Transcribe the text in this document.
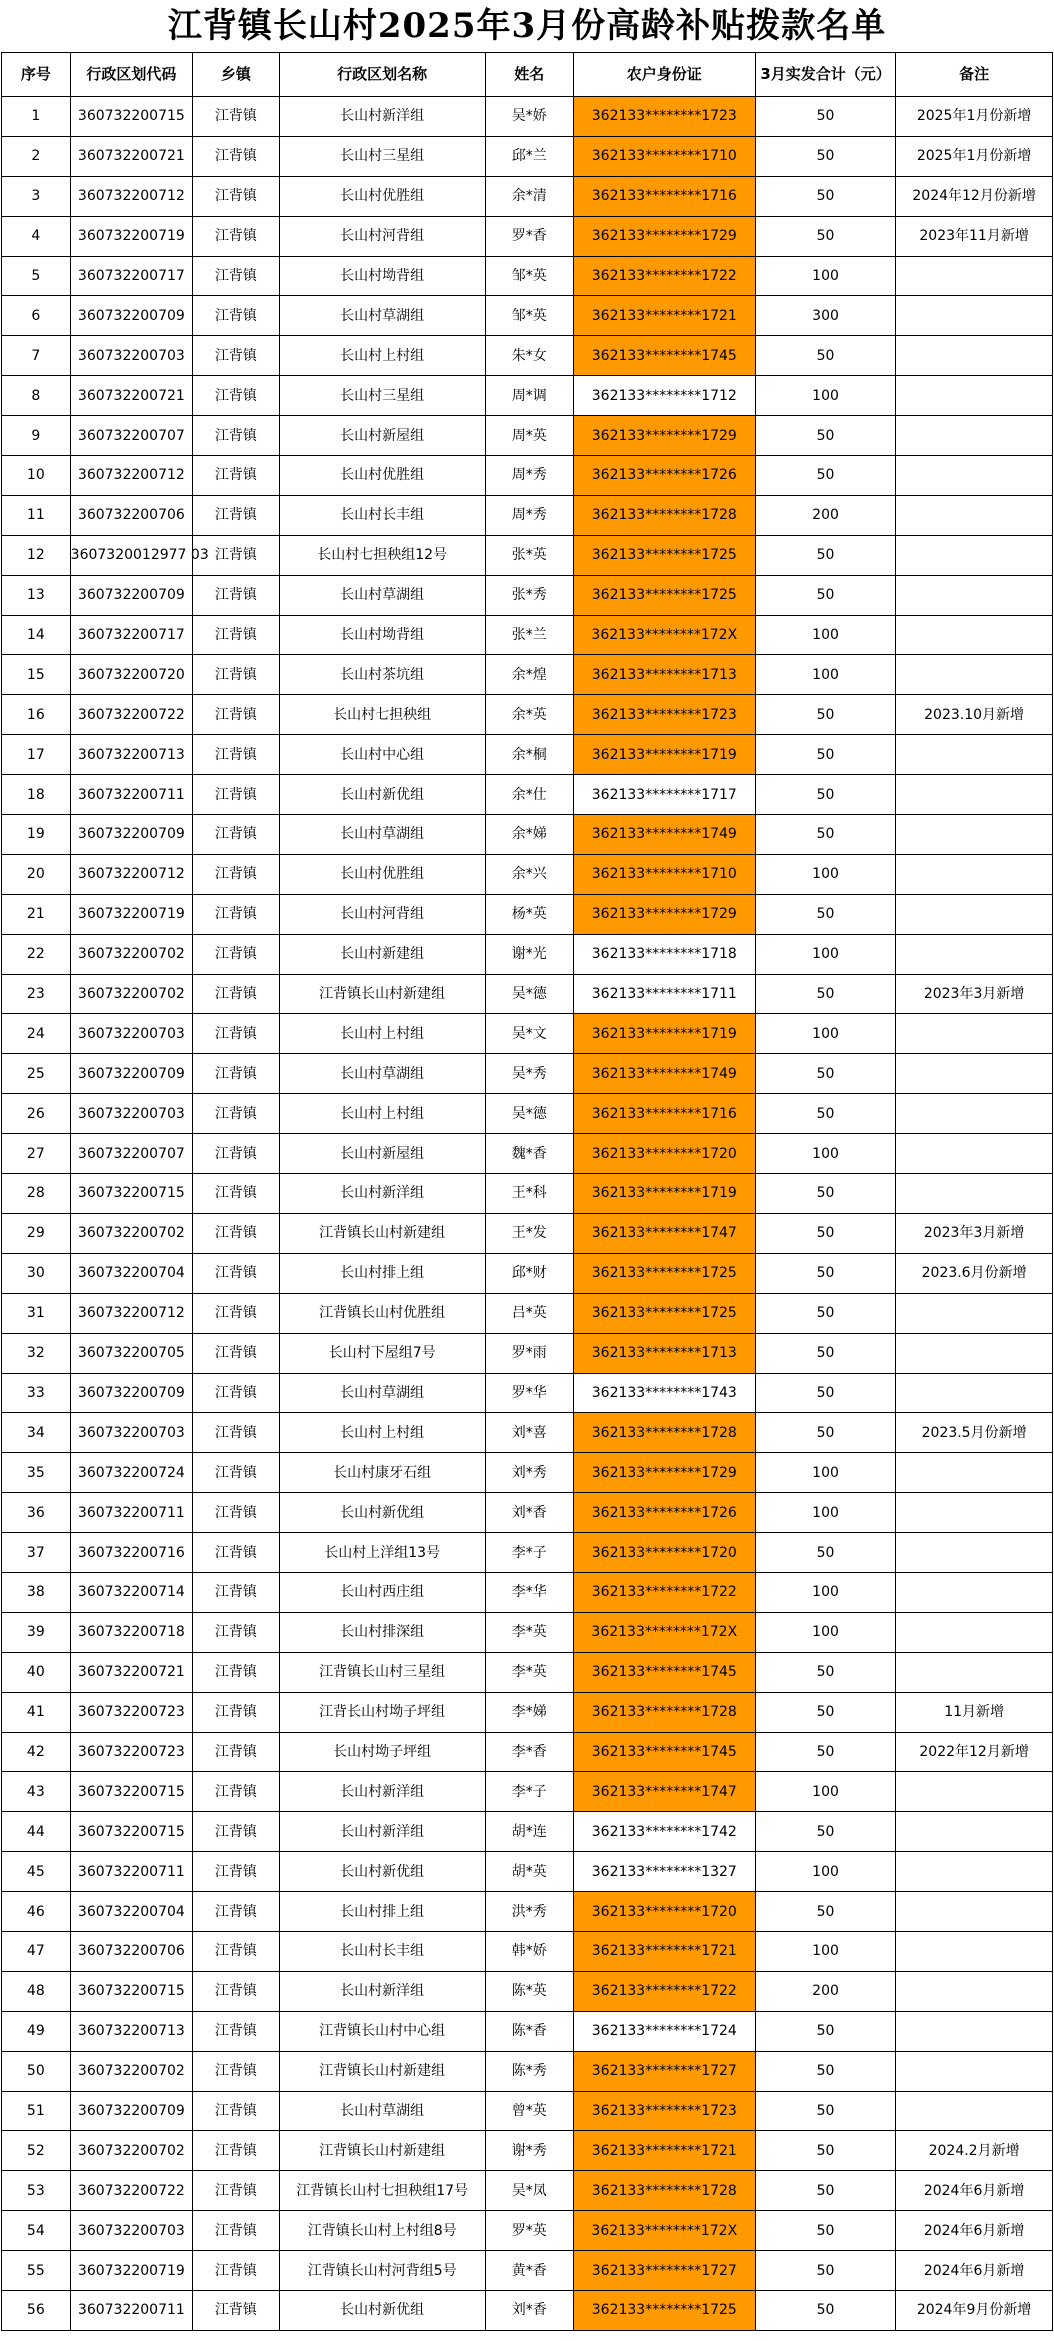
江背镇长山村2025年3月份高龄补贴拨款名单
序号	行政区划代码	乡镇	行政区划名称	姓名	农户身份证	3月实发合计（元）	备注
1	360732200715	江背镇	长山村新洋组	吴*娇	362133********1723	50	2025年1月份新增
2	360732200721	江背镇	长山村三星组	邱*兰	362133********1710	50	2025年1月份新增
3	360732200712	江背镇	长山村优胜组	余*清	362133********1716	50	2024年12月份新增
4	360732200719	江背镇	长山村河背组	罗*香	362133********1729	50	2023年11月新增
5	360732200717	江背镇	长山村坳背组	邹*英	362133********1722	100	
6	360732200709	江背镇	长山村草湖组	邹*英	362133********1721	300	
7	360732200703	江背镇	长山村上村组	朱*女	362133********1745	50	
8	360732200721	江背镇	长山村三星组	周*调	362133********1712	100	
9	360732200707	江背镇	长山村新屋组	周*英	362133********1729	50	
10	360732200712	江背镇	长山村优胜组	周*秀	362133********1726	50	
11	360732200706	江背镇	长山村长丰组	周*秀	362133********1728	200	
12	3607320012977 03	江背镇	长山村七担秧组12号	张*英	362133********1725	50	
13	360732200709	江背镇	长山村草湖组	张*秀	362133********1725	50	
14	360732200717	江背镇	长山村坳背组	张*兰	362133********172X	100	
15	360732200720	江背镇	长山村茶坑组	余*煌	362133********1713	100	
16	360732200722	江背镇	长山村七担秧组	余*英	362133********1723	50	2023.10月新增
17	360732200713	江背镇	长山村中心组	余*桐	362133********1719	50	
18	360732200711	江背镇	长山村新优组	余*仕	362133********1717	50	
19	360732200709	江背镇	长山村草湖组	余*娣	362133********1749	50	
20	360732200712	江背镇	长山村优胜组	余*兴	362133********1710	100	
21	360732200719	江背镇	长山村河背组	杨*英	362133********1729	50	
22	360732200702	江背镇	长山村新建组	谢*光	362133********1718	100	
23	360732200702	江背镇	江背镇长山村新建组	吴*德	362133********1711	50	2023年3月新增
24	360732200703	江背镇	长山村上村组	吴*文	362133********1719	100	
25	360732200709	江背镇	长山村草湖组	吴*秀	362133********1749	50	
26	360732200703	江背镇	长山村上村组	吴*德	362133********1716	50	
27	360732200707	江背镇	长山村新屋组	魏*香	362133********1720	100	
28	360732200715	江背镇	长山村新洋组	王*科	362133********1719	50	
29	360732200702	江背镇	江背镇长山村新建组	王*发	362133********1747	50	2023年3月新增
30	360732200704	江背镇	长山村排上组	邱*财	362133********1725	50	2023.6月份新增
31	360732200712	江背镇	江背镇长山村优胜组	吕*英	362133********1725	50	
32	360732200705	江背镇	长山村下屋组7号	罗*雨	362133********1713	50	
33	360732200709	江背镇	长山村草湖组	罗*华	362133********1743	50	
34	360732200703	江背镇	长山村上村组	刘*喜	362133********1728	50	2023.5月份新增
35	360732200724	江背镇	长山村康牙石组	刘*秀	362133********1729	100	
36	360732200711	江背镇	长山村新优组	刘*香	362133********1726	100	
37	360732200716	江背镇	长山村上洋组13号	李*子	362133********1720	50	
38	360732200714	江背镇	长山村西庄组	李*华	362133********1722	100	
39	360732200718	江背镇	长山村排深组	李*英	362133********172X	100	
40	360732200721	江背镇	江背镇长山村三星组	李*英	362133********1745	50	
41	360732200723	江背镇	江背长山村坳子坪组	李*娣	362133********1728	50	11月新增
42	360732200723	江背镇	长山村坳子坪组	李*香	362133********1745	50	2022年12月新增
43	360732200715	江背镇	长山村新洋组	李*子	362133********1747	100	
44	360732200715	江背镇	长山村新洋组	胡*连	362133********1742	50	
45	360732200711	江背镇	长山村新优组	胡*英	362133********1327	100	
46	360732200704	江背镇	长山村排上组	洪*秀	362133********1720	50	
47	360732200706	江背镇	长山村长丰组	韩*娇	362133********1721	100	
48	360732200715	江背镇	长山村新洋组	陈*英	362133********1722	200	
49	360732200713	江背镇	江背镇长山村中心组	陈*香	362133********1724	50	
50	360732200702	江背镇	江背镇长山村新建组	陈*秀	362133********1727	50	
51	360732200709	江背镇	长山村草湖组	曾*英	362133********1723	50	
52	360732200702	江背镇	江背镇长山村新建组	谢*秀	362133********1721	50	2024.2月新增
53	360732200722	江背镇	江背镇长山村七担秧组17号	吴*凤	362133********1728	50	2024年6月新增
54	360732200703	江背镇	江背镇长山村上村组8号	罗*英	362133********172X	50	2024年6月新增
55	360732200719	江背镇	江背镇长山村河背组5号	黄*香	362133********1727	50	2024年6月新增
56	360732200711	江背镇	长山村新优组	刘*香	362133********1725	50	2024年9月份新增
